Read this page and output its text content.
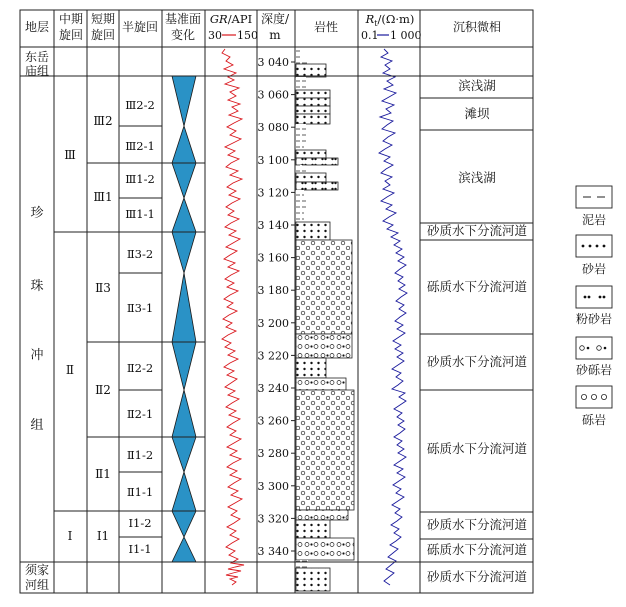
地层
中期
旋回
短期
旋回
半旋回
基准面
变化
GR/API
30 150
深度/
m
岩性
$R_t/(\Omega\cdot m)$
0.1 1 000
沉积微相
东岳
庙组
珍
珠
冲
组
须家
河组
Ⅲ
Ⅱ
Ⅰ
Ⅲ2
Ⅲ1
Ⅱ3
Ⅱ2
Ⅱ1
Ⅰ1
Ⅲ2-2
Ⅲ2-1
Ⅲ1-2
Ⅲ1-1
Ⅱ3-2
Ⅱ3-1
Ⅱ2-2
Ⅱ2-1
Ⅱ1-2
Ⅱ1-1
Ⅰ1-2
Ⅰ1-1
3 040
3 060
3 080
3 100
3 120
3 140
3 160
3 180
3 200
3 220
3 240
3 260
3 280
3 300
3 320
3 340
滨浅湖
滩坝
滨浅湖
砂质水下分流河道
砾质水下分流河道
砂质水下分流河道
砾质水下分流河道
砂质水下分流河道
砾质水下分流河道
砂质水下分流河道
泥岩
砂岩
粉砂岩
砂砾岩
砾岩
